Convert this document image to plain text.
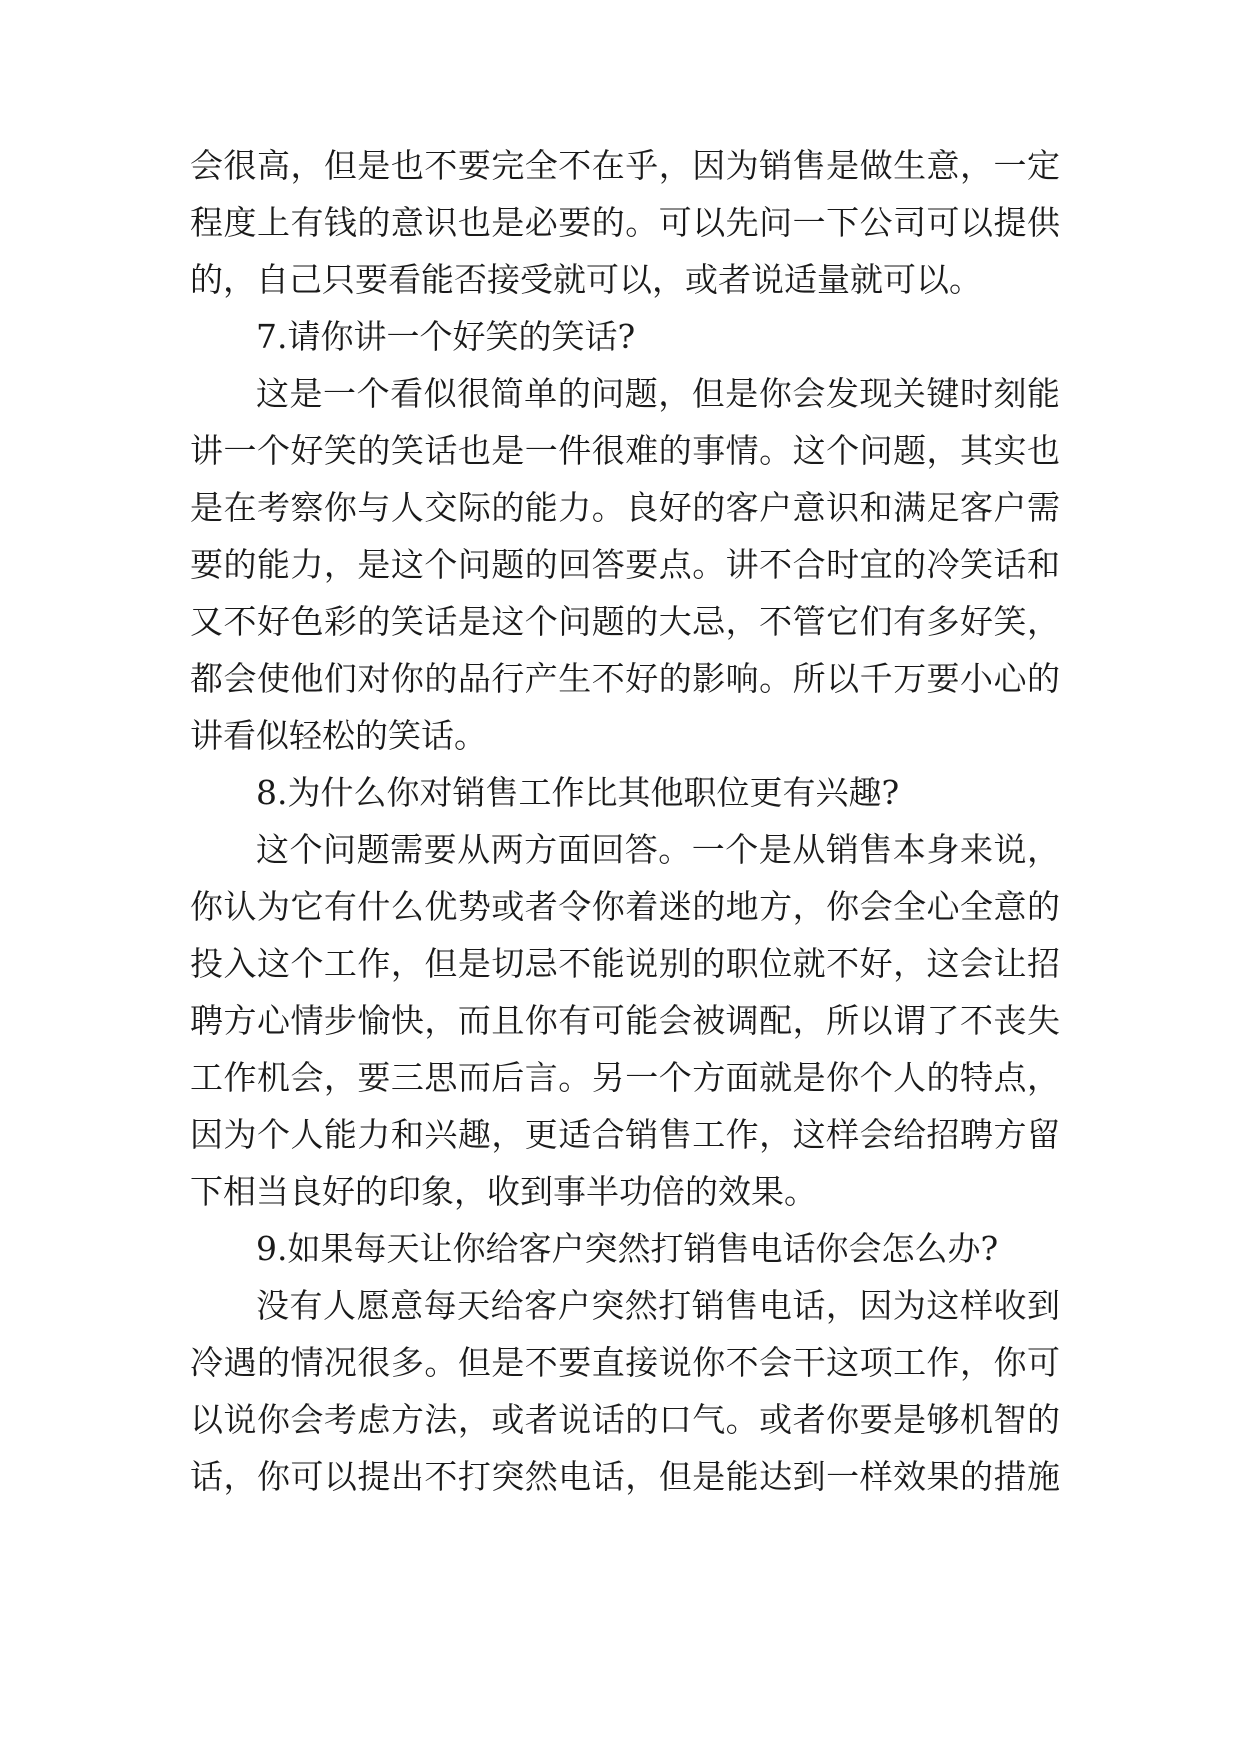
会很高，但是也不要完全不在乎，因为销售是做生意，一定
程度上有钱的意识也是必要的。可以先问一下公司可以提供
的，自己只要看能否接受就可以，或者说适量就可以。
7.请你讲一个好笑的笑话?
这是一个看似很简单的问题，但是你会发现关键时刻能
讲一个好笑的笑话也是一件很难的事情。这个问题，其实也
是在考察你与人交际的能力。良好的客户意识和满足客户需
要的能力，是这个问题的回答要点。讲不合时宜的冷笑话和
又不好色彩的笑话是这个问题的大忌，不管它们有多好笑，
都会使他们对你的品行产生不好的影响。所以千万要小心的
讲看似轻松的笑话。
8.为什么你对销售工作比其他职位更有兴趣?
这个问题需要从两方面回答。一个是从销售本身来说，
你认为它有什么优势或者令你着迷的地方，你会全心全意的
投入这个工作，但是切忌不能说别的职位就不好，这会让招
聘方心情步愉快，而且你有可能会被调配，所以谓了不丧失
工作机会，要三思而后言。另一个方面就是你个人的特点，
因为个人能力和兴趣，更适合销售工作，这样会给招聘方留
下相当良好的印象，收到事半功倍的效果。
9.如果每天让你给客户突然打销售电话你会怎么办?
没有人愿意每天给客户突然打销售电话，因为这样收到
冷遇的情况很多。但是不要直接说你不会干这项工作，你可
以说你会考虑方法，或者说话的口气。或者你要是够机智的
话，你可以提出不打突然电话，但是能达到一样效果的措施
